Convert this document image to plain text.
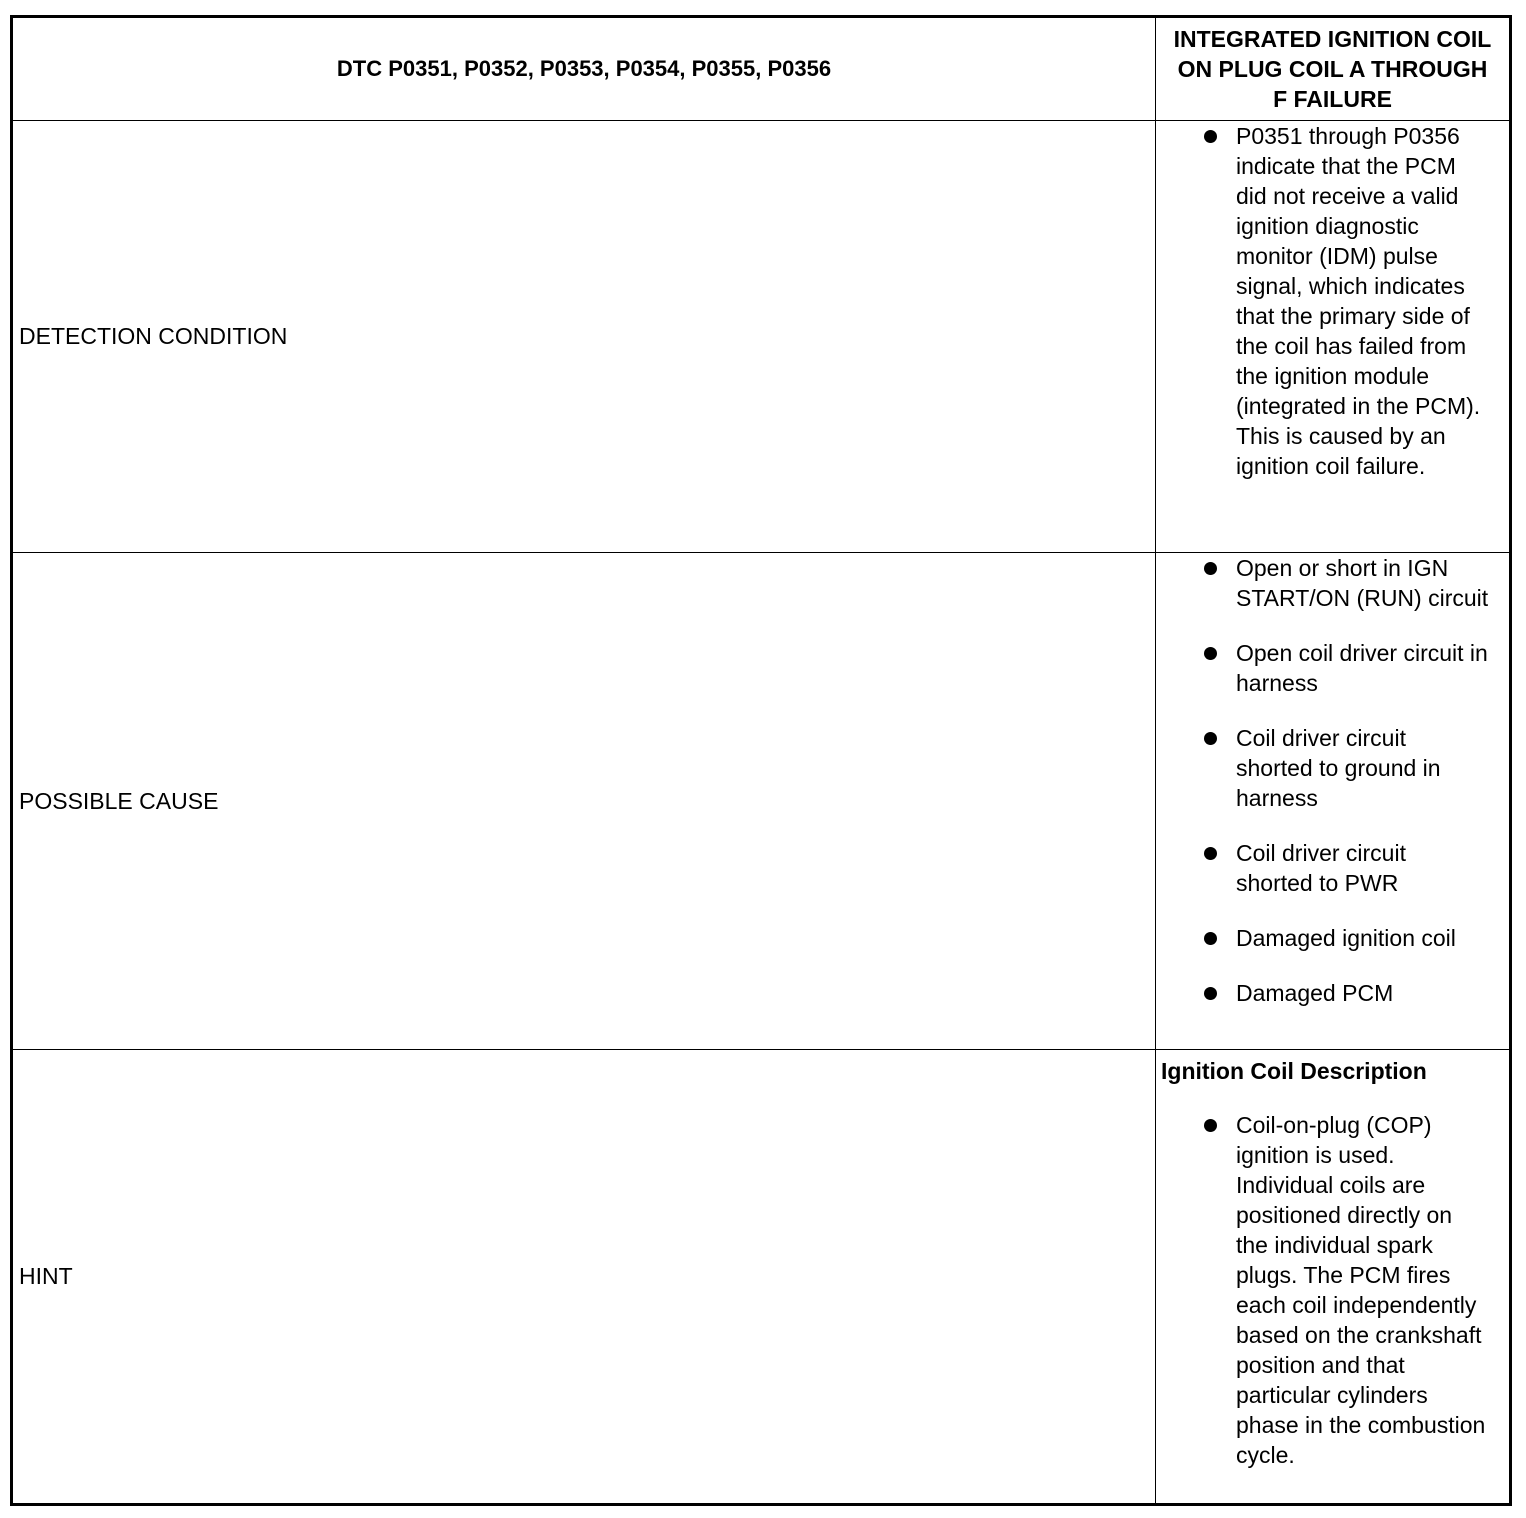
DTC P0351, P0352, P0353, P0354, P0355, P0356
INTEGRATED IGNITION COIL ON PLUG COIL A THROUGH F FAILURE
DETECTION CONDITION
P0351 through P0356 indicate that the PCM did not receive a valid ignition diagnostic monitor (IDM) pulse signal, which indicates that the primary side of the coil has failed from the ignition module (integrated in the PCM). This is caused by an ignition coil failure.
POSSIBLE CAUSE
Open or short in IGN START/ON (RUN) circuit
Open coil driver circuit in harness
Coil driver circuit shorted to ground in harness
Coil driver circuit shorted to PWR
Damaged ignition coil
Damaged PCM
HINT
Ignition Coil Description
Coil-on-plug (COP) ignition is used. Individual coils are positioned directly on the individual spark plugs. The PCM fires each coil independently based on the crankshaft position and that particular cylinders phase in the combustion cycle.
